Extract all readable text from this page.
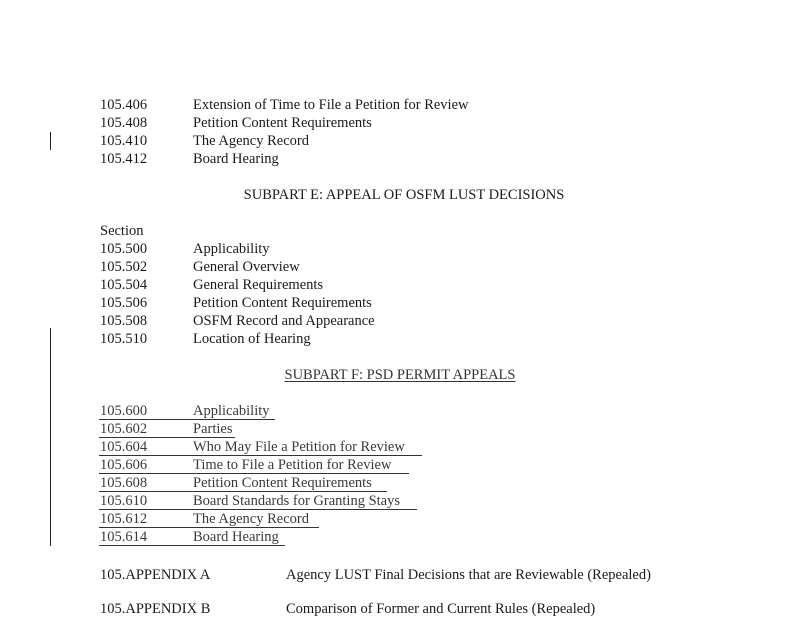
105.406	Extension of Time to File a Petition for Review
105.408	Petition Content Requirements
105.410	The Agency Record
105.412	Board Hearing
SUBPART E: APPEAL OF OSFM LUST DECISIONS
Section
105.500	Applicability
105.502	General Overview
105.504	General Requirements
105.506	Petition Content Requirements
105.508	OSFM Record and Appearance
105.510	Location of Hearing
SUBPART F: PSD PERMIT APPEALS
105.600	Applicability
105.602	Parties
105.604	Who May File a Petition for Review
105.606	Time to File a Petition for Review
105.608	Petition Content Requirements
105.610	Board Standards for Granting Stays
105.612	The Agency Record
105.614	Board Hearing
105.APPENDIX A	Agency LUST Final Decisions that are Reviewable (Repealed)
105.APPENDIX B	Comparison of Former and Current Rules (Repealed)
